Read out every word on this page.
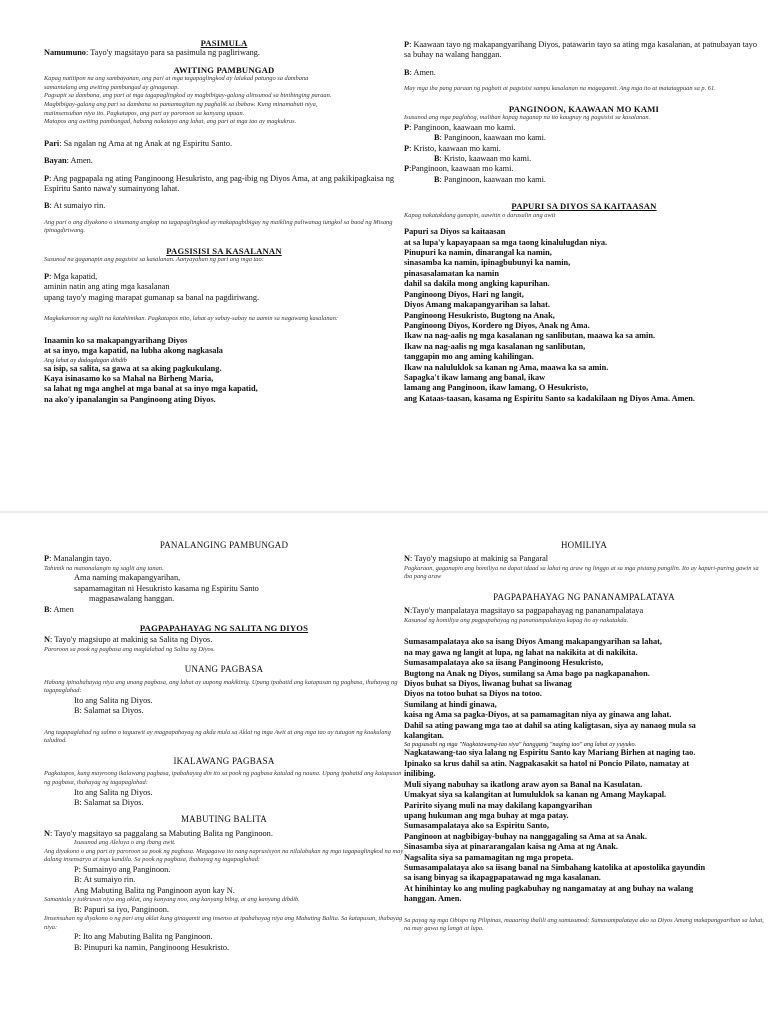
PASIMULA

Namumuno: Tayo'y magsitayo para sa pasimula ng pagliriwang.

AWITING PAMBUNGAD

Kapag natitipon na ang sambayanan, ang pari at mga tagapaglingkod ay lalakad patungo sa dambana

samantalang ang awiting pambungad ay ginaganap.

Pagsapit sa dambana, ang pari at mga tagapaglingkod ay magbibigay-galang alinsunod sa binibinging paraan.

Magbibigay-galang ang pari sa dambana sa pamamagitan ng paghalik sa ibabaw. Kung minamabuti niya,

maiinsensuhan niya ito. Pagkatapos, ang pari ay paroroon sa kanyang upuan.

Matapos ang awiting pambungad, habang nakatayo ang lahat, ang pari at mga tao ay magkukrus.

Pari: Sa ngalan ng Ama at ng Anak at ng Espiritu Santo.

Bayan: Amen.

P: Ang pagpapala ng ating Panginoong Hesukristo, ang pag-ibig ng Diyos Ama, at ang pakikipagkaisa ng Espiritu Santo nawa'y sumainyong lahat.

B: At sumaiyo rin.

Ang pari o ang diyakono o sinumang angkop na tagapaglingkod ay makapagbibigay ng maikling paliwanag tungkol sa buod ng Misang ipinagdiriwang.

PAGSISISI SA KASALANAN

Susunod na gaganapin ang pagsisisi sa kasalanan. Aanyayahan ng pari ang mga tao:

P: Mga kapatid,

aminin natin ang ating mga kasalanan

upang tayo'y maging marapat gumanap sa banal na pagdiriwang.

Magkakaroon ng saglit na katahimikan. Pagkatapos nito, lahat ay sabay-sabay na aamin sa nagawang kasalanan:

Inaamin ko sa makapangyarihang Diyos

at sa inyo, mga kapatid, na lubha akong nagkasala

Ang lahat ay dadagdagan dibdib

sa isip, sa salita, sa gawa at sa aking pagkukulang.

Kaya isinasamo ko sa Mahal na Birheng Maria,

sa lahat ng mga anghel at mga banal at sa inyo mga kapatid,

na ako'y ipanalangin sa Panginoong ating Diyos.

P: Kaawaan tayo ng makapangyarihang Diyos, patawarin tayo sa ating mga kasalanan, at patnubayan tayo sa buhay na walang hanggan.

B: Amen.

May mga iba pang paraan ng pagbati at pagsisisi sampu kasalanan na magagamit. Ang mga ito at matatagpuan sa p. 61.

PANGINOON, KAAWAAN MO KAMI

Isusunod ang mga paglahog, maliban kapag naganap na ito kaugnay ng pagsisisi sa kasalanan.

P: Panginoon, kaawaan mo kami.

B: Panginoon, kaawaan mo kami.

P: Kristo, kaawaan mo kami.

B: Kristo, kaawaan mo kami.

P:Panginoon, kaawaan mo kami.

B: Panginoon, kaawaan mo kami.

PAPURI SA DIYOS SA KAITAASAN

Kapag nakatakdang ganapin, aawitin o darasalin ang awit

Papuri sa Diyos sa kaitaasan

at sa lupa'y kapayapaan sa mga taong kinalulugdan niya.

Pinupuri ka namin, dinarangal ka namin,

sinasamba ka namin, ipinagbubunyi ka namin,

pinasasalamatan ka namin

dahil sa dakila mong angking kapurihan.

Panginoong Diyos, Hari ng langit,

Diyos Amang makapangyarihan sa lahat.

Panginoong Hesukristo, Bugtong na Anak,

Panginoong Diyos, Kordero ng Diyos, Anak ng Ama.

Ikaw na nag-aalis ng mga kasalanan ng sanlibutan, maawa ka sa amin.

Ikaw na nag-aalis ng mga kasalanan ng sanlibutan,

tanggapin mo ang aming kahilingan.

Ikaw na naluluklok sa kanan ng Ama, maawa ka sa amin.

Sapagka't ikaw lamang ang banal, ikaw

lamang ang Panginoon, ikaw lamang, O Hesukristo,

ang Kataas-taasan, kasama ng Espiritu Santo sa kadakilaan ng Diyos Ama. Amen.

PANALANGING PAMBUNGAD

P: Manalangin tayo.

Tahimik na mananalangin ng saglit ang tanan.

Ama naming makapangyarihan,

sapamamagitan ni Hesukristo kasama ng Espiritu Santo

magpasawalang hanggan.

B: Amen

PAGPAPAHAYAG NG SALITA NG DIYOS

N: Tayo'y magsiupo at makinig sa Salita ng Diyos.

Paroroon sa pook ng pagbasa ang maglalahad ng Salita ng Diyos.

UNANG PAGBASA

Habang ipinahahayag niya ang unang pagbasa, ang lahat ay uupong makikinig. Upang ipabatid ang katapusan ng pagbasa, ihahayag ng tagapaglahad:

Ito ang Salita ng Diyos.

B: Salamat sa Diyos.

Ang tagapaglahad ng salmo o taguawit ay magpapahayag ng akda mula sa Aklat ng mga Awit at ang mga tao ay tutugon ng kaukulang taludtod.

IKALAWANG PAGBASA

Pagkatapos, kung mayroong ikalawang pagbasa, ipabahayag din ito sa pook ng pagbasa katulad ng nauna. Upang ipabatid ang katapusan ng pagbasa, ihahayag ng tagapaglahad:

Ito ang Salita ng Diyos.

B: Salamat sa Diyos.

MABUTING BALITA

N: Tayo'y magsitayo sa paggalang sa Mabuting Balita ng Panginoon.

Isusunod ang Aleluya o ang ibang awit.

Ang diyakono o ang pari ay paroroon sa pook ng pagbasa. Magagawa ito nang naprusisyon na nilalabukan ng mga tagapaglingkod na may dalang insensaryo at mga kandila. Sa pook ng pagbasa, ihahayag ng tagapaglahad:

P: Sumainyo ang Panginoon.

B: At sumaiyo rin.

Ang Mabuting Balita ng Panginoon ayon kay N.

Samantala y tutkrusan niya ang aklat, ang kanyang noo, ang kanyang bibig, at ang kanyang dibdib.

B: Papuri sa iyo, Panginoon.

Iinsensuhan ng diyakono o ng pari ang aklat kung ginagamit ang insenso at ipabahayag niya ang Mabuting Balita. Sa katapusan, ihabayag niya:

P: Ito ang Mabuting Balita ng Panginoon.

B: Pinupuri ka namin, Panginoong Hesukristo.

HOMILIYA

N: Tayo'y magsiupo at makinig sa Pangaral

Pagkaraan, gaganapin ang homiliya na dapat idaad sa lahat ng araw ng linggo at sa mga pistang pangilin. Ito ay kapuri-puring gawin sa iba pang araw

PAGPAPAHAYAG NG PANANAMPALATAYA

N:Tayo'y manpalataya magsitayo sa pagpapahayag ng pananampalataya

Kasunod ng homiliya ang pagpapahayag ng pananampalataya kapag ito ay nakatakda.

Sumasampalataya ako sa isang Diyos Amang makapangyarihan sa lahat,

na may gawa ng langit at lupa, ng lahat na nakikita at di nakikita.

Sumasampalataya ako sa iisang Panginoong Hesukristo,

Bugtong na Anak ng Diyos, sumilang sa Ama bago pa nagkapanahon.

Diyos buhat sa Diyos, liwanag buhat sa liwanag

Diyos na totoo buhat sa Diyos na totoo.

Sumilang at hindi ginawa,

kaisa ng Ama sa pagka-Diyos, at sa pamamagitan niya ay ginawa ang lahat.

Dahil sa ating pawang mga tao at dahil sa ating kaligtasan, siya ay nanaog mula sa

kalangitan.

Sa pagsasabi ng mga "Nagkatawang-tao siya" hanggang "naging tao" ang lahat ay yuyuko.

Nagkatawang-tao siya lalang ng Espiritu Santo kay Mariang Birhen at naging tao.

Ipinako sa krus dahil sa atin. Nagpakasakit sa hatol ni Poncio Pilato, namatay at

inilibing.

Muli siyang nabuhay sa ikatlong araw ayon sa Banal na Kasulatan.

Umakyat siya sa kalangitan at lumuluklok sa kanan ng Amang Maykapal.

Paririto siyang muli na may dakilang kapangyarihan

upang hukuman ang mga buhay at mga patay.

Sumasampalataya ako sa Espiritu Santo,

Panginoon at nagbibigay-buhay na nanggagaling sa Ama at sa Anak.

Sinasamba siya at pinararangalan kaisa ng Ama at ng Anak.

Nagsalita siya sa pamamagitan ng mga propeta.

Sumasampalataya ako sa iisang banal na Simbahang katolika at apostolika gayundin

sa isang binyag sa ikapagpapatawad ng mga kasalanan.

At hinihintay ko ang muling pagkabuhay ng nangamatay at ang buhay na walang

hanggan. Amen.

Sa payag ng mga Obispo ng Pilipinas, maaaring ibalili ang sumusunod: Sumasampalataya ako sa Diyos Amang makapangyarihan sa lahat, na may gawa ng langit at lupa.
